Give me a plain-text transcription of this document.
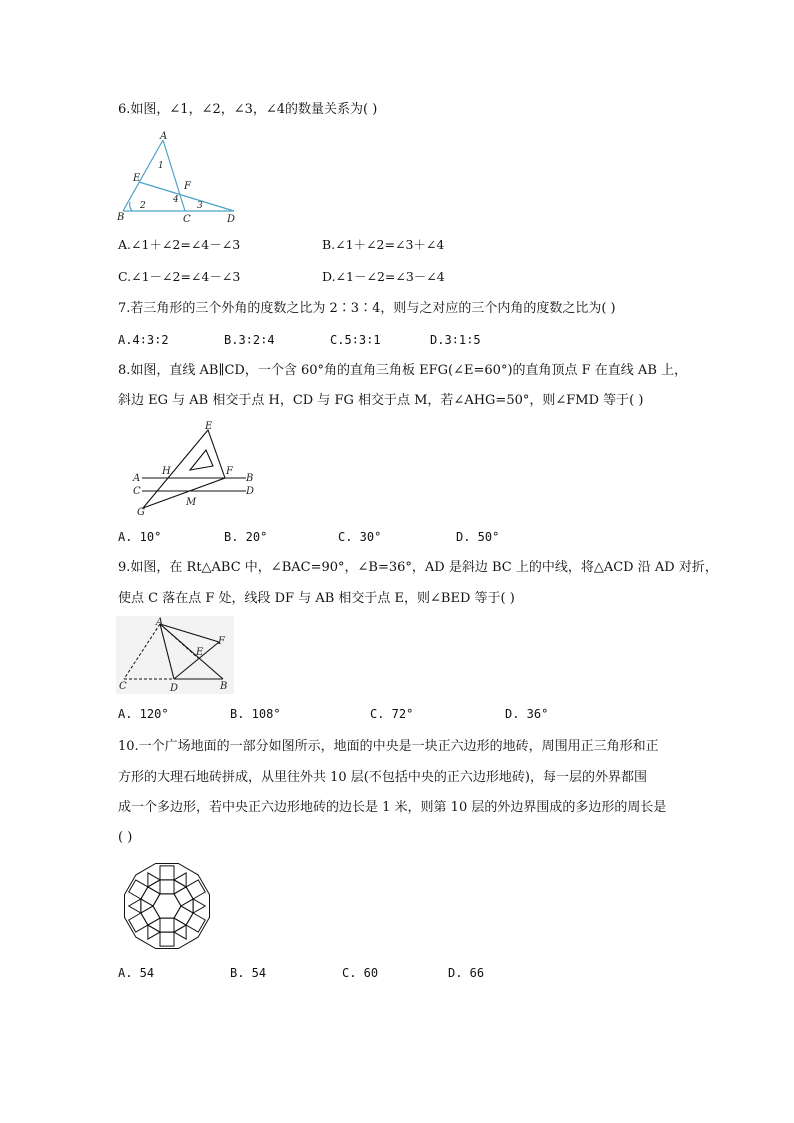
6.如图，∠1，∠2，∠3，∠4的数量关系为( )
A
E
F
B	C	D
1
2	3
4
A.∠1＋∠2=∠4－∠3	B.∠1＋∠2=∠3＋∠4
C.∠1－∠2=∠4－∠3	D.∠1－∠2=∠3－∠4
7.若三角形的三个外角的度数之比为 2∶3∶4，则与之对应的三个内角的度数之比为( )
A.4∶3∶2	B.3∶2∶4	C.5∶3∶1	D.3∶1∶5
8.如图，直线 AB∥CD，一个含 60°角的直角三角板 EFG(∠E=60°)的直角顶点 F 在直线 AB 上，
斜边 EG 与 AB 相交于点 H，CD 与 FG 相交于点 M，若∠AHG=50°，则∠FMD 等于( )
E
A
H	F
B
C	D
G
M
A. 10°	B. 20°	C. 30°	D. 50°
9.如图，在 Rt△ABC 中，∠BAC=90°，∠B=36°，AD 是斜边 BC 上的中线，将△ACD 沿 AD 对折，
使点 C 落在点 F 处，线段 DF 与 AB 相交于点 E，则∠BED 等于( )
A
F
E
C	D	B
A. 120°	B. 108°	C. 72°	D. 36°
10.一个广场地面的一部分如图所示，地面的中央是一块正六边形的地砖，周围用正三角形和正
方形的大理石地砖拼成，从里往外共 10 层(不包括中央的正六边形地砖)，每一层的外界都围
成一个多边形，若中央正六边形地砖的边长是 1 米，则第 10 层的外边界围成的多边形的周长是
( )
A. 54	B. 54	C. 60	D. 66
